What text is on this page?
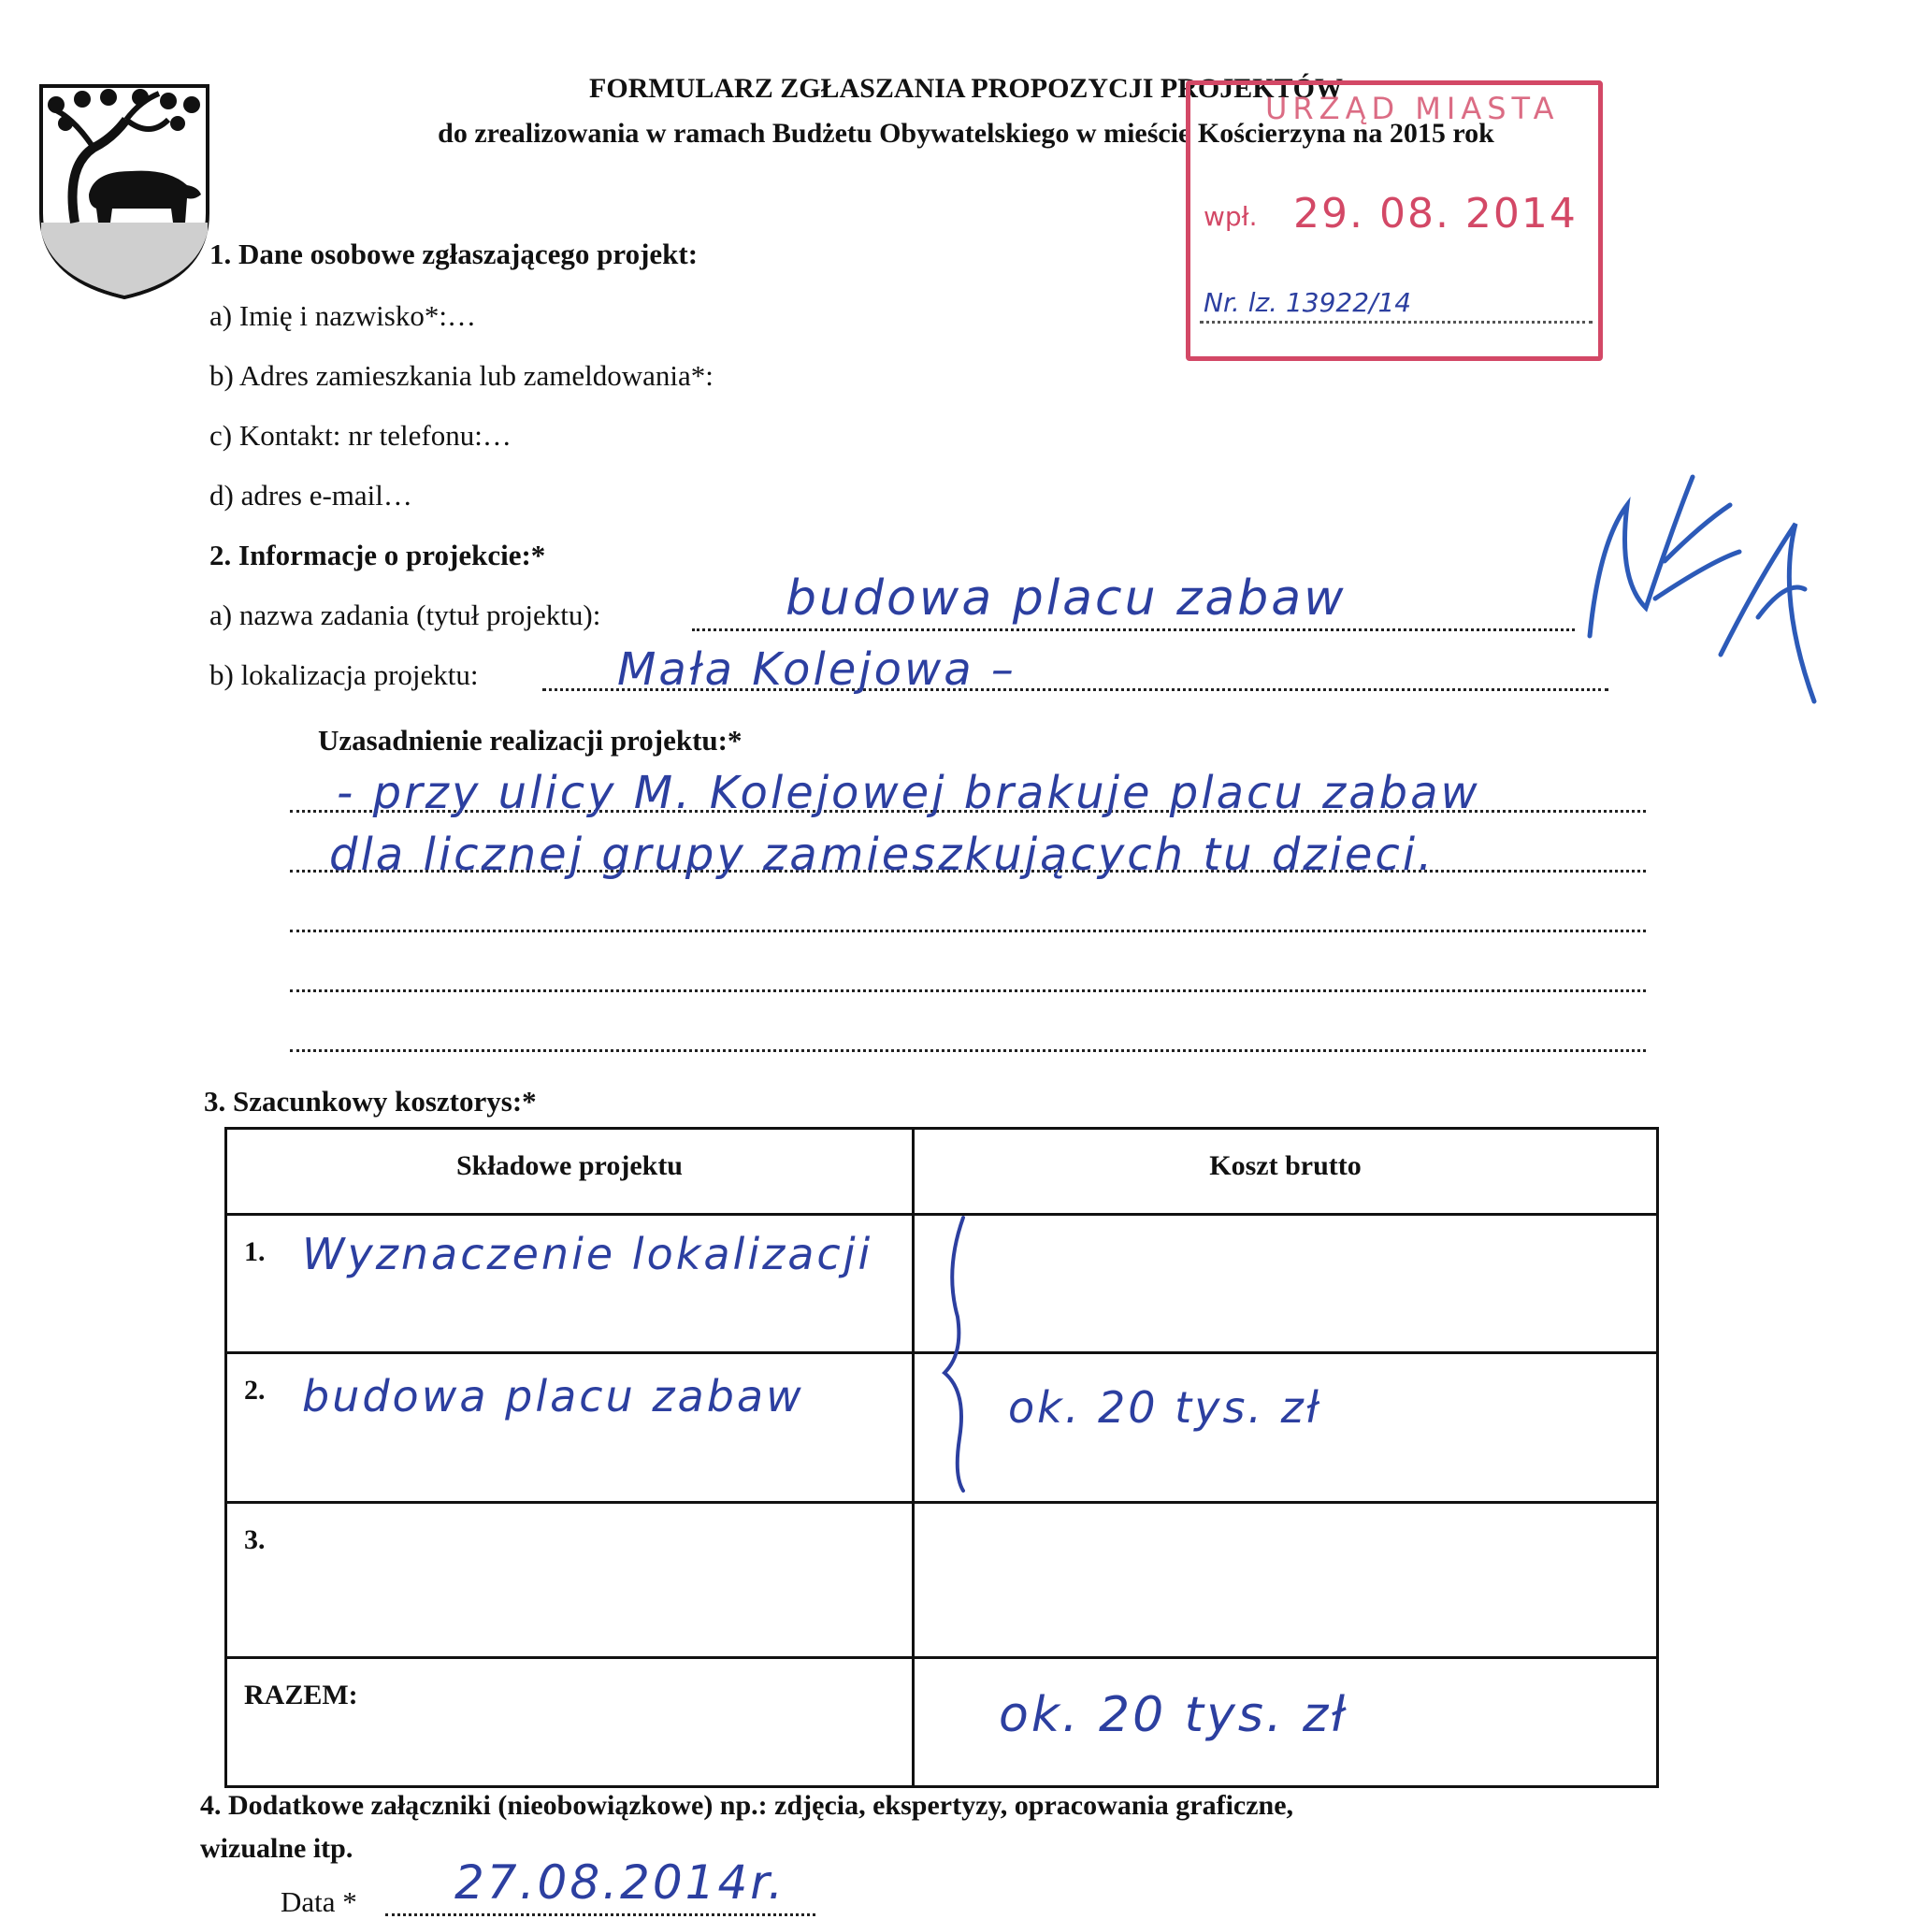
FORMULARZ ZGŁASZANIA PROPOZYCJI PROJEKTÓW
do zrealizowania w ramach Budżetu Obywatelskiego w mieście Kościerzyna na 2015 rok
URZĄD MIASTA
wpł. 29. 08. 2014
Nr. lz. 13922/14
1. Dane osobowe zgłaszającego projekt:
a) Imię i nazwisko*:…
b) Adres zamieszkania lub zameldowania*:
c) Kontakt: nr telefonu:…
d) adres e-mail…
2. Informacje o projekcie:*
a) nazwa zadania (tytuł projektu):	budowa placu zabaw
b) lokalizacja projektu:	Mała Kolejowa –
Uzasadnienie realizacji projektu:*
- przy ulicy M. Kolejowej brakuje placu zabaw
dla licznej grupy zamieszkujących tu dzieci.
3. Szacunkowy kosztorys:*
Składowe projektu	Koszt brutto
1. Wyznaczenie lokalizacji	

2. budowa placu zabaw	ok. 20 tys. zł

3.	
RAZEM:	ok. 20 tys. zł
4. Dodatkowe załączniki (nieobowiązkowe) np.: zdjęcia, ekspertyzy, opracowania graficzne,
wizualne itp.
Data * 27.08.2014r.
